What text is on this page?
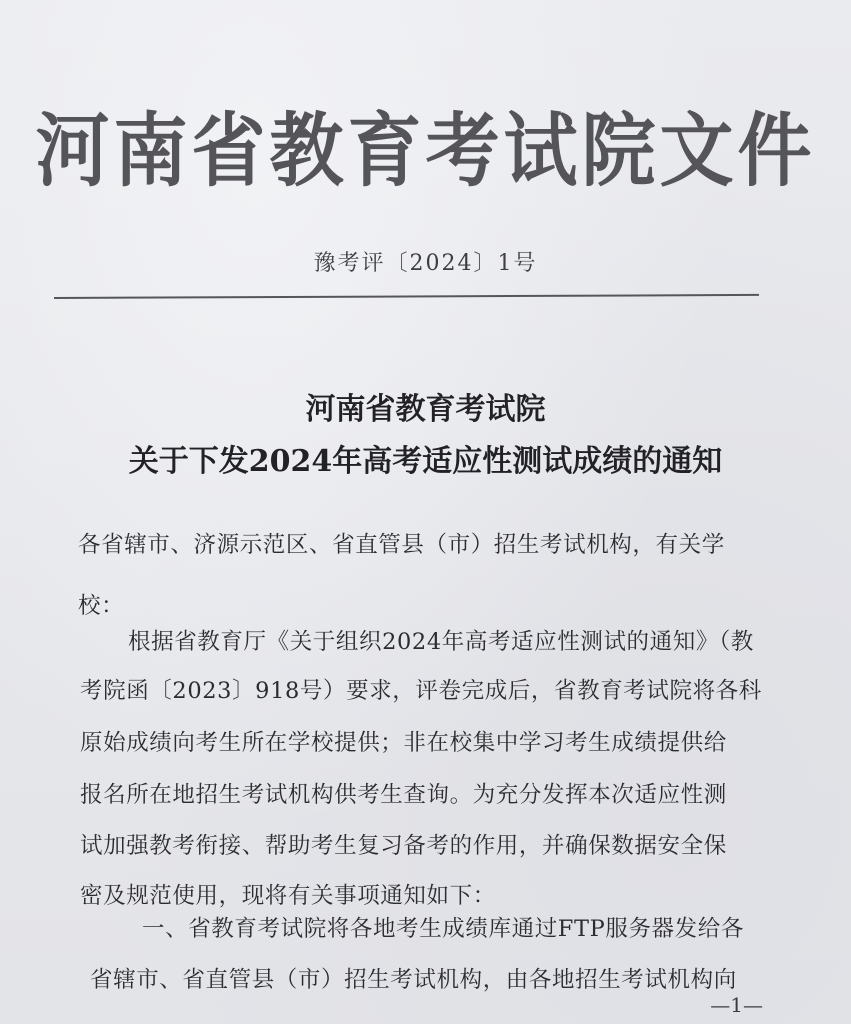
河南省教育考试院文件
豫考评〔2024〕1号
河南省教育考试院
关于下发2024年高考适应性测试成绩的通知
各省辖市、济源示范区、省直管县（市）招生考试机构，有关学
校：
根据省教育厅《关于组织2024年高考适应性测试的通知》（教
考院函〔2023〕918号）要求，评卷完成后，省教育考试院将各科
原始成绩向考生所在学校提供；非在校集中学习考生成绩提供给
报名所在地招生考试机构供考生查询。为充分发挥本次适应性测
试加强教考衔接、帮助考生复习备考的作用，并确保数据安全保
密及规范使用，现将有关事项通知如下：
一、省教育考试院将各地考生成绩库通过FTP服务器发给各
省辖市、省直管县（市）招生考试机构，由各地招生考试机构向
—1—
